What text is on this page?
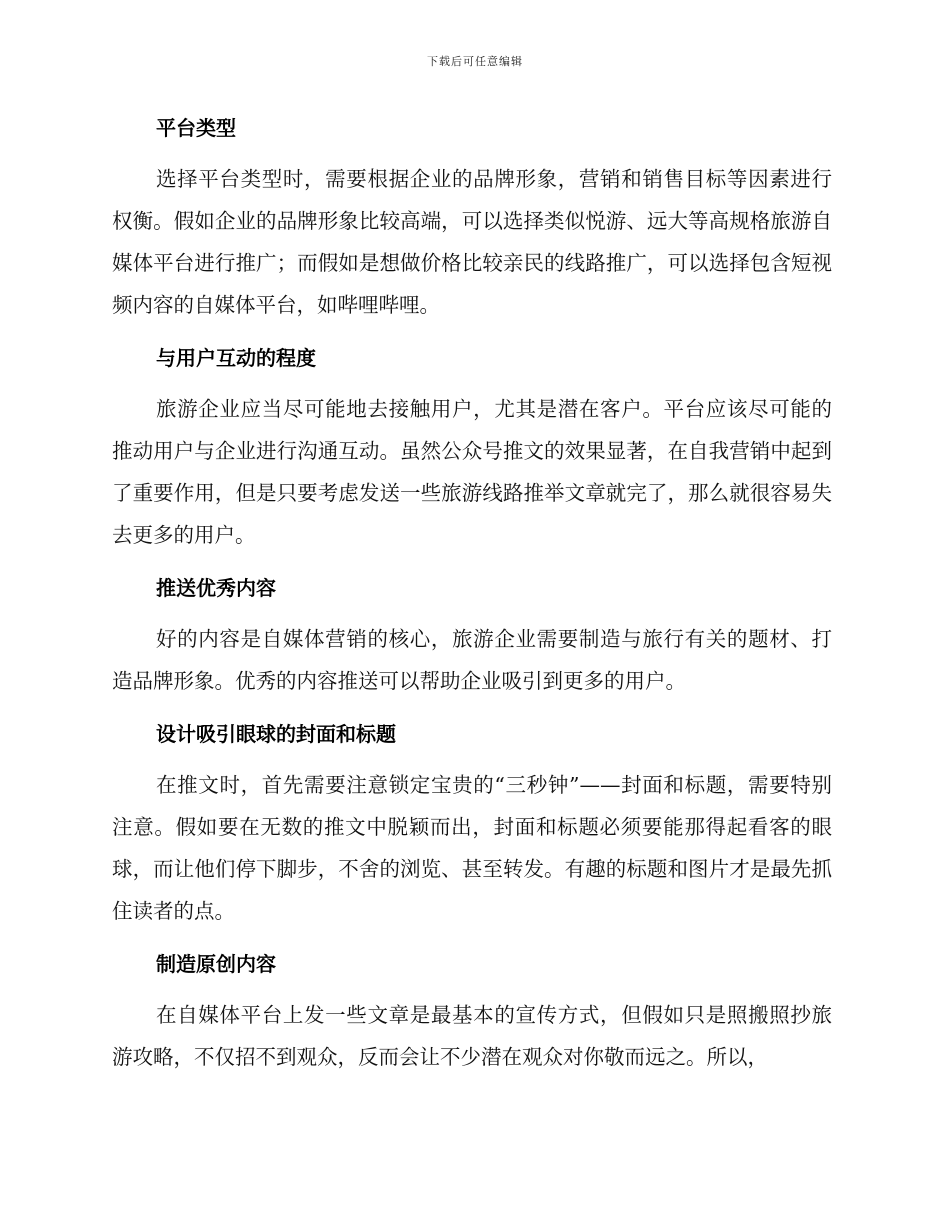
下载后可任意编辑
平台类型

选择平台类型时，需要根据企业的品牌形象，营销和销售目标等因素进行权衡。假如企业的品牌形象比较高端，可以选择类似悦游、远大等高规格旅游自媒体平台进行推广；而假如是想做价格比较亲民的线路推广，可以选择包含短视频内容的自媒体平台，如哔哩哔哩。

与用户互动的程度

旅游企业应当尽可能地去接触用户，尤其是潜在客户。平台应该尽可能的推动用户与企业进行沟通互动。虽然公众号推文的效果显著，在自我营销中起到了重要作用，但是只要考虑发送一些旅游线路推举文章就完了，那么就很容易失去更多的用户。

推送优秀内容

好的内容是自媒体营销的核心，旅游企业需要制造与旅行有关的题材、打造品牌形象。优秀的内容推送可以帮助企业吸引到更多的用户。

设计吸引眼球的封面和标题

在推文时，首先需要注意锁定宝贵的“三秒钟”——封面和标题，需要特别注意。假如要在无数的推文中脱颖而出，封面和标题必须要能那得起看客的眼球，而让他们停下脚步，不舍的浏览、甚至转发。有趣的标题和图片才是最先抓住读者的点。

制造原创内容

在自媒体平台上发一些文章是最基本的宣传方式，但假如只是照搬照抄旅游攻略，不仅招不到观众，反而会让不少潜在观众对你敬而远之。所以，
